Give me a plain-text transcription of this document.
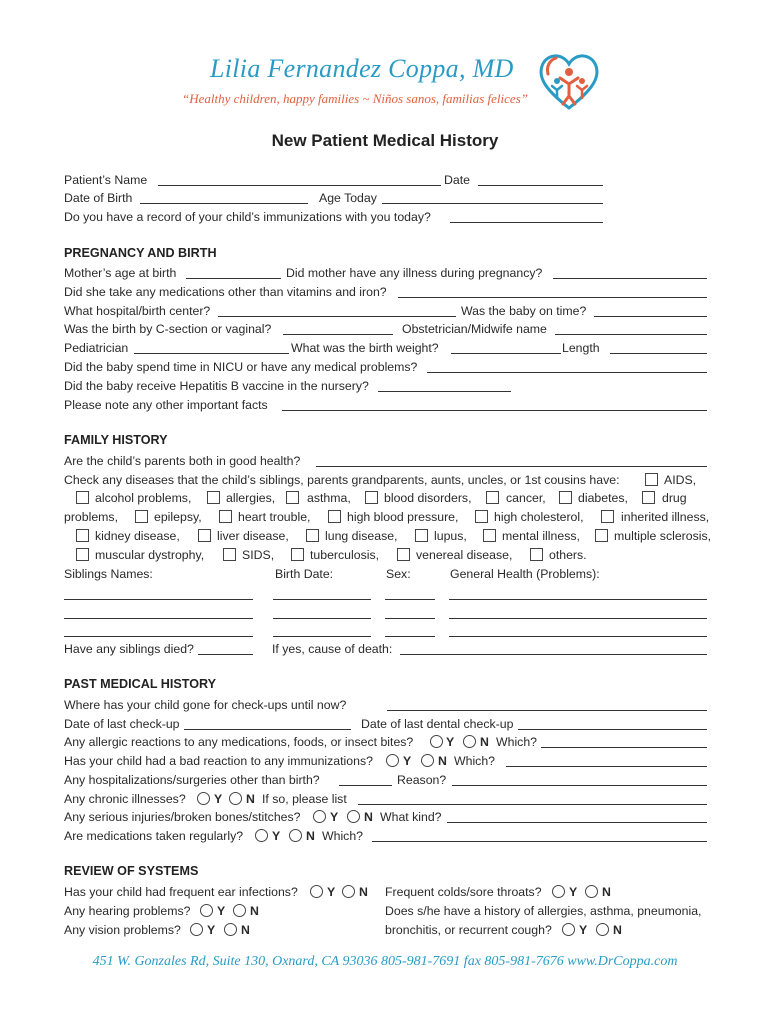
Lilia Fernandez Coppa, MD
“Healthy children, happy families ~ Niños sanos, familias felices”
New Patient Medical History
Patient’s Name	Date
Date of Birth	Age Today
Do you have a record of your child’s immunizations with you today?
PREGNANCY AND BIRTH
Mother’s age at birth	Did mother have any illness during pregnancy?
Did she take any medications other than vitamins and iron?
What hospital/birth center?	Was the baby on time?
Was the birth by C-section or vaginal?	Obstetrician/Midwife name
Pediatrician	What was the birth weight?	Length
Did the baby spend time in NICU or have any medical problems?
Did the baby receive Hepatitis B vaccine in the nursery?
Please note any other important facts
FAMILY HISTORY
Are the child’s parents both in good health?
Check any diseases that the child’s siblings, parents grandparents, aunts, uncles, or 1st cousins have:	AIDS,
alcohol problems,	allergies,	asthma,	blood disorders,	cancer,	diabetes,	drug
problems,	epilepsy,	heart trouble,	high blood pressure,	high cholesterol,	inherited illness,
kidney disease,	liver disease,	lung disease,	lupus,	mental illness,	multiple sclerosis,
muscular dystrophy,	SIDS,	tuberculosis,	venereal disease,	others.
Siblings Names:	Birth Date:	Sex:	General Health (Problems):
Have any siblings died?	If yes, cause of death:
PAST MEDICAL HISTORY
Where has your child gone for check-ups until now?
Date of last check-up	Date of last dental check-up
Any allergic reactions to any medications, foods, or insect bites?	Y N Which?
Has your child had a bad reaction to any immunizations? Y N Which?
Any hospitalizations/surgeries other than birth?	Reason?
Any chronic illnesses? Y N If so, please list
Any serious injuries/broken bones/stitches? Y N What kind?
Are medications taken regularly? Y N Which?
REVIEW OF SYSTEMS
Has your child had frequent ear infections? Y N Frequent colds/sore throats? Y N
Any hearing problems? Y N	Does s/he have a history of allergies, asthma, pneumonia,
Any vision problems? Y N	bronchitis, or recurrent cough? Y N
451 W. Gonzales Rd, Suite 130, Oxnard, CA 93036 805-981-7691 fax 805-981-7676 www.DrCoppa.com
